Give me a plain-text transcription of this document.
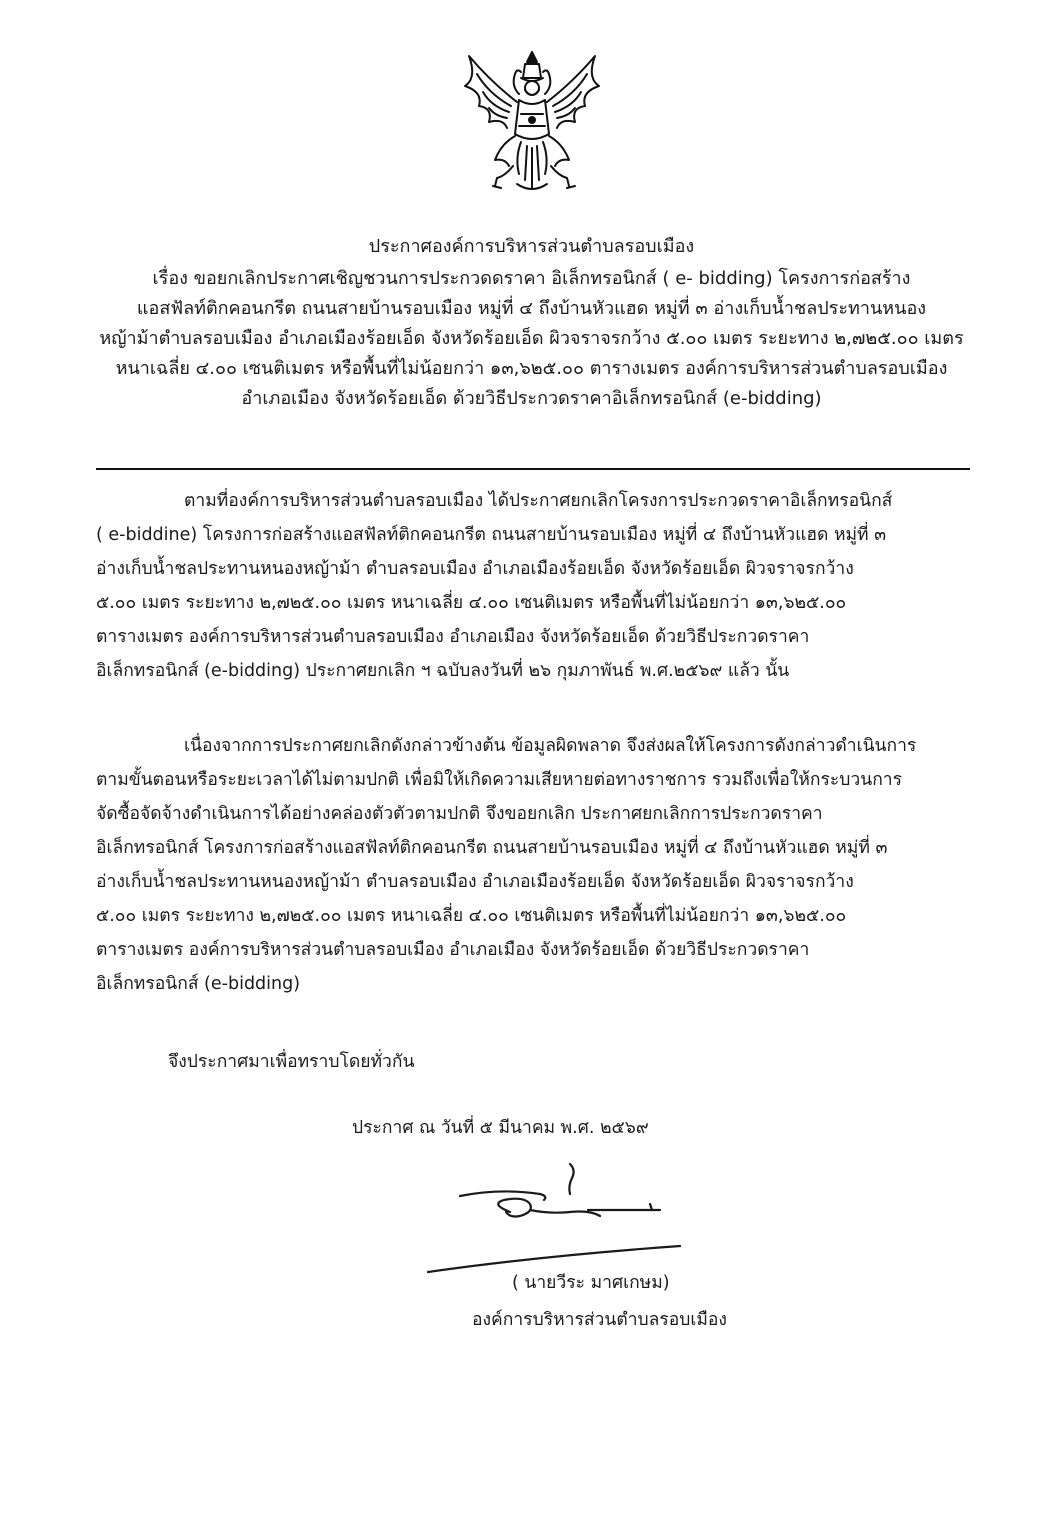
ประกาศองค์การบริหารส่วนตำบลรอบเมือง
เรื่อง ขอยกเลิกประกาศเชิญชวนการประกวดดราคา อิเล็กทรอนิกส์ ( e- bidding) โครงการก่อสร้าง
แอสฟัลท์ติกคอนกรีต ถนนสายบ้านรอบเมือง หมู่ที่ ๔ ถึงบ้านหัวแฮด หมู่ที่ ๓ อ่างเก็บน้ำชลประทานหนอง
หญ้าม้าตำบลรอบเมือง อำเภอเมืองร้อยเอ็ด จังหวัดร้อยเอ็ด ผิวจราจรกว้าง ๕.๐๐ เมตร ระยะทาง ๒,๗๒๕.๐๐ เมตร
หนาเฉลี่ย ๔.๐๐ เซนติเมตร หรือพื้นที่ไม่น้อยกว่า ๑๓,๖๒๕.๐๐ ตารางเมตร องค์การบริหารส่วนตำบลรอบเมือง
อำเภอเมือง จังหวัดร้อยเอ็ด ด้วยวิธีประกวดราคาอิเล็กทรอนิกส์ (e-bidding)
ตามที่องค์การบริหารส่วนตำบลรอบเมือง ได้ประกาศยกเลิกโครงการประกวดราคาอิเล็กทรอนิกส์
( e-biddine) โครงการก่อสร้างแอสฟัลท์ติกคอนกรีต ถนนสายบ้านรอบเมือง หมู่ที่ ๔ ถึงบ้านหัวแฮด หมู่ที่ ๓
อ่างเก็บน้ำชลประทานหนองหญ้าม้า ตำบลรอบเมือง อำเภอเมืองร้อยเอ็ด จังหวัดร้อยเอ็ด ผิวจราจรกว้าง
๕.๐๐ เมตร ระยะทาง ๒,๗๒๕.๐๐ เมตร หนาเฉลี่ย ๔.๐๐ เซนติเมตร หรือพื้นที่ไม่น้อยกว่า ๑๓,๖๒๕.๐๐
ตารางเมตร องค์การบริหารส่วนตำบลรอบเมือง อำเภอเมือง จังหวัดร้อยเอ็ด ด้วยวิธีประกวดราคา
อิเล็กทรอนิกส์ (e-bidding) ประกาศยกเลิก ฯ ฉบับลงวันที่ ๒๖ กุมภาพันธ์ พ.ศ.๒๕๖๙ แล้ว นั้น
เนื่องจากการประกาศยกเลิกดังกล่าวข้างต้น ข้อมูลผิดพลาด จึงส่งผลให้โครงการดังกล่าวดำเนินการ
ตามขั้นตอนหรือระยะเวลาได้ไม่ตามปกติ เพื่อมิให้เกิดความเสียหายต่อทางราชการ รวมถึงเพื่อให้กระบวนการ
จัดซื้อจัดจ้างดำเนินการได้อย่างคล่องตัวตัวตามปกติ จึงขอยกเลิก ประกาศยกเลิกการประกวดราคา
อิเล็กทรอนิกส์ โครงการก่อสร้างแอสฟัลท์ติกคอนกรีต ถนนสายบ้านรอบเมือง หมู่ที่ ๔ ถึงบ้านหัวแฮด หมู่ที่ ๓
อ่างเก็บน้ำชลประทานหนองหญ้าม้า ตำบลรอบเมือง อำเภอเมืองร้อยเอ็ด จังหวัดร้อยเอ็ด ผิวจราจรกว้าง
๕.๐๐ เมตร ระยะทาง ๒,๗๒๕.๐๐ เมตร หนาเฉลี่ย ๔.๐๐ เซนติเมตร หรือพื้นที่ไม่น้อยกว่า ๑๓,๖๒๕.๐๐
ตารางเมตร องค์การบริหารส่วนตำบลรอบเมือง อำเภอเมือง จังหวัดร้อยเอ็ด ด้วยวิธีประกวดราคา
อิเล็กทรอนิกส์ (e-bidding)
จึงประกาศมาเพื่อทราบโดยทั่วกัน
ประกาศ ณ วันที่ ๕ มีนาคม พ.ศ. ๒๕๖๙
( นายวีระ มาศเกษม)
องค์การบริหารส่วนตำบลรอบเมือง
